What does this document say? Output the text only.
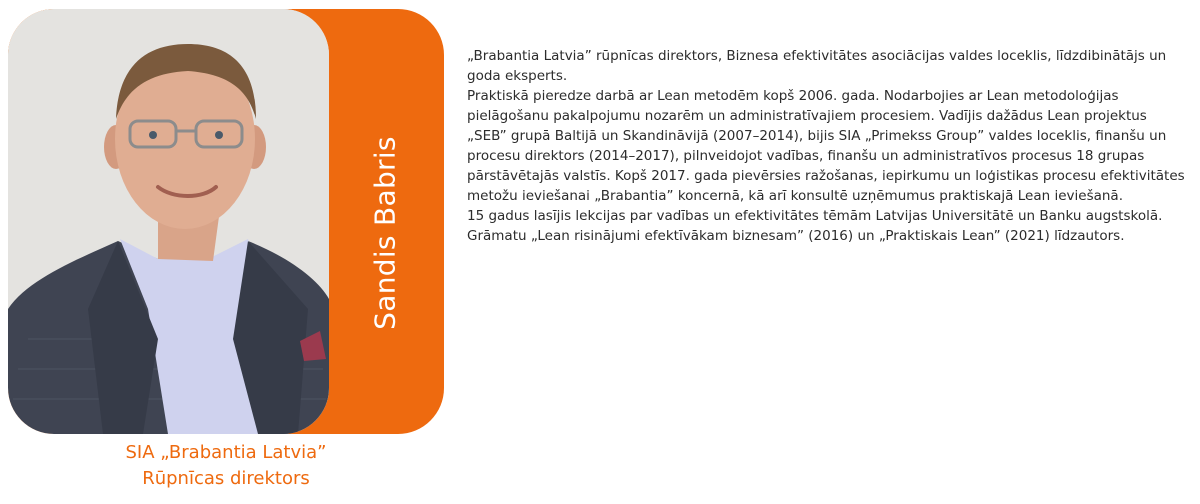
Sandis Babris
SIA „Brabantia Latvia”
Rūpnīcas direktors

„Brabantia Latvia” rūpnīcas direktors, Biznesa efektivitātes asociācijas valdes loceklis, līdzdibinātājs un goda eksperts.

Praktiskā pieredze darbā ar Lean metodēm kopš 2006. gada. Nodarbojies ar Lean metodoloģijas pielāgošanu pakalpojumu nozarēm un administratīvajiem procesiem. Vadījis dažādus Lean projektus „SEB” grupā Baltijā un Skandināvijā (2007–2014), bijis SIA „Primekss Group” valdes loceklis, finanšu un procesu direktors (2014–2017), pilnveidojot vadības, finanšu un administratīvos procesus 18 grupas pārstāvētajās valstīs. Kopš 2017. gada pievērsies ražošanas, iepirkumu un loģistikas procesu efektivitātes metožu ieviešanai „Brabantia” koncernā, kā arī konsultē uzņēmumus praktiskajā Lean ieviešanā.

15 gadus lasījis lekcijas par vadības un efektivitātes tēmām Latvijas Universitātē un Banku augstskolā. Grāmatu „Lean risinājumi efektīvākam biznesam” (2016) un „Praktiskais Lean” (2021) līdzautors.
